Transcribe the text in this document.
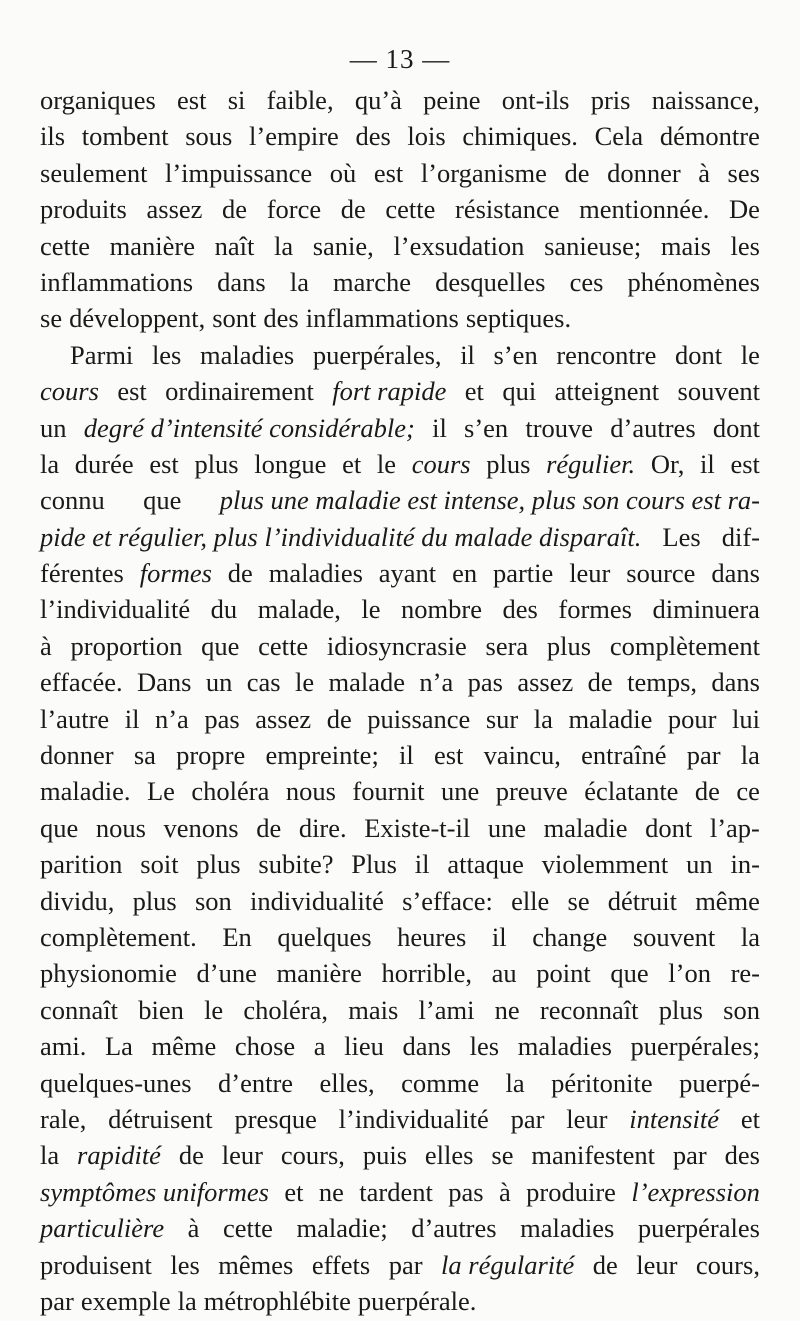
— 13 —
organiques est si faible, qu’à peine ont-ils pris naissance,
ils tombent sous l’empire des lois chimiques. Cela démontre
seulement l’impuissance où est l’organisme de donner à ses
produits assez de force de cette résistance mentionnée. De
cette manière naît la sanie, l’exsudation sanieuse; mais les
inflammations dans la marche desquelles ces phénomènes
se développent, sont des inflammations septiques.
Parmi les maladies puerpérales, il s’en rencontre dont le
cours est ordinairement fort rapide et qui atteignent souvent
un degré d’intensité considérable; il s’en trouve d’autres dont
la durée est plus longue et le cours plus régulier. Or, il est
connu que plus une maladie est intense, plus son cours est ra-
pide et régulier, plus l’individualité du malade disparaît. Les dif-
férentes formes de maladies ayant en partie leur source dans
l’individualité du malade, le nombre des formes diminuera
à proportion que cette idiosyncrasie sera plus complètement
effacée. Dans un cas le malade n’a pas assez de temps, dans
l’autre il n’a pas assez de puissance sur la maladie pour lui
donner sa propre empreinte; il est vaincu, entraîné par la
maladie. Le choléra nous fournit une preuve éclatante de ce
que nous venons de dire. Existe-t-il une maladie dont l’ap-
parition soit plus subite? Plus il attaque violemment un in-
dividu, plus son individualité s’efface: elle se détruit même
complètement. En quelques heures il change souvent la
physionomie d’une manière horrible, au point que l’on re-
connaît bien le choléra, mais l’ami ne reconnaît plus son
ami. La même chose a lieu dans les maladies puerpérales;
quelques-unes d’entre elles, comme la péritonite puerpé-
rale, détruisent presque l’individualité par leur intensité et
la rapidité de leur cours, puis elles se manifestent par des
symptômes uniformes et ne tardent pas à produire l’expression
particulière à cette maladie; d’autres maladies puerpérales
produisent les mêmes effets par la régularité de leur cours,
par exemple la métrophlébite puerpérale.
